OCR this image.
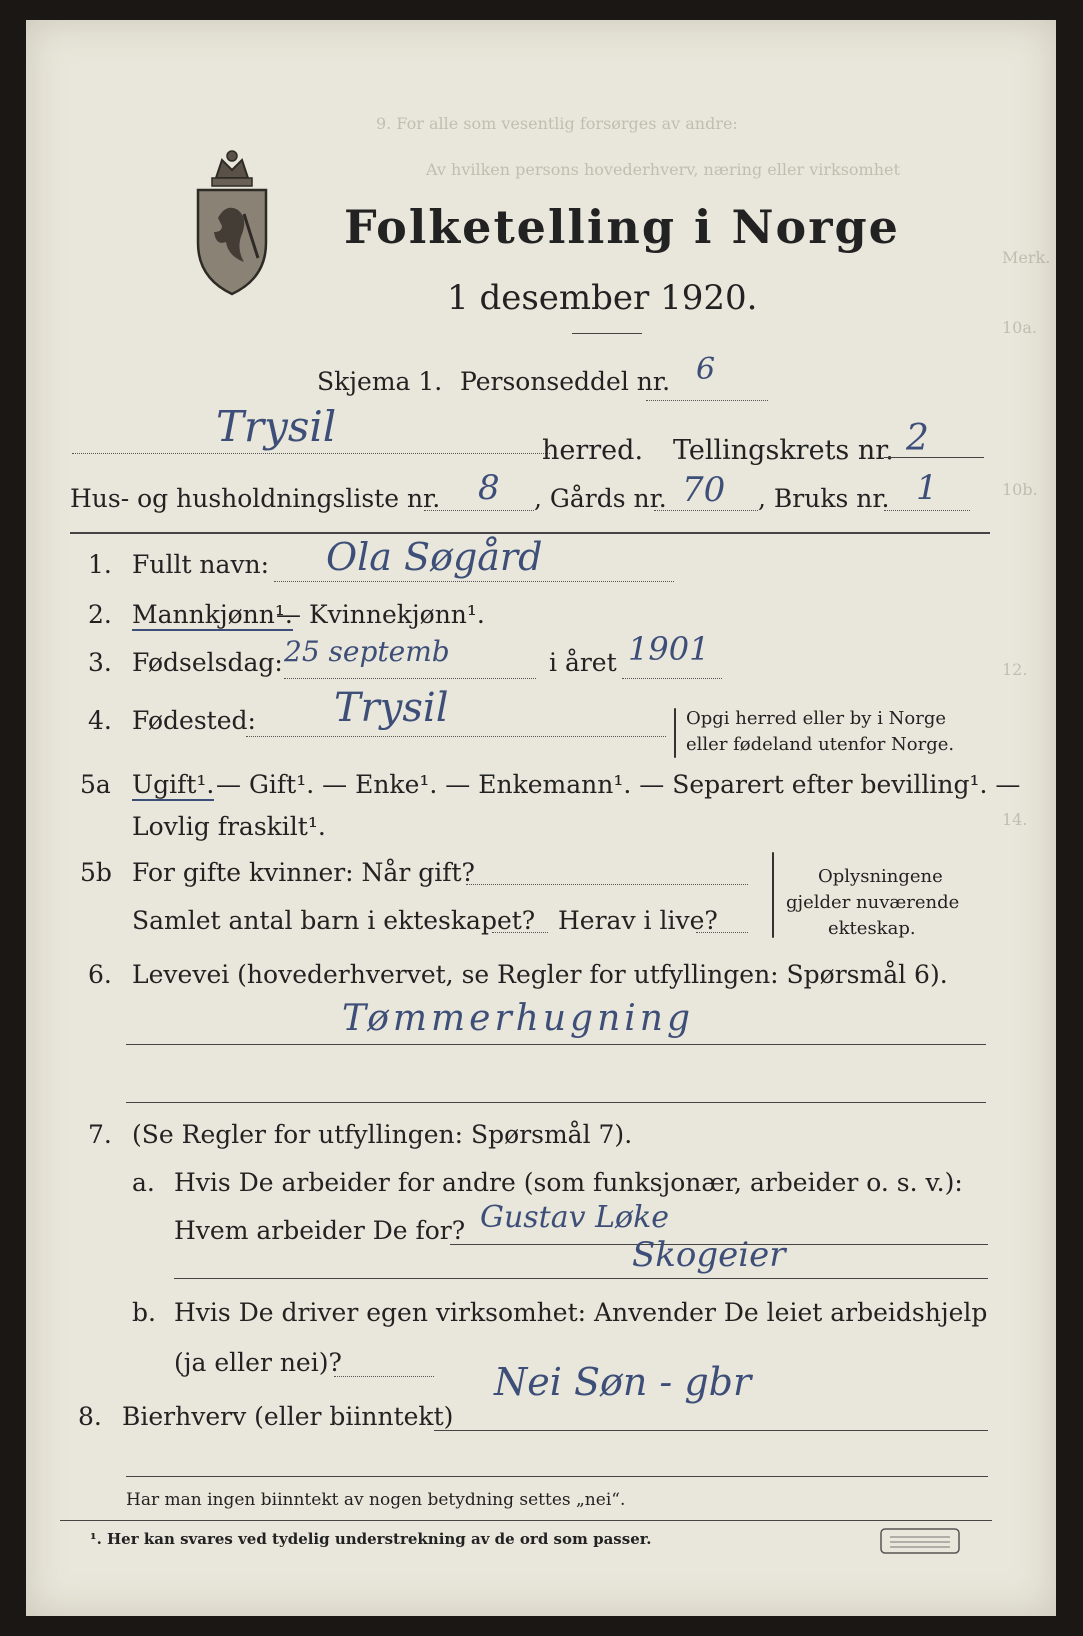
9. For alle som vesentlig forsørges av andre:
Av hvilken persons hovederhverv, næring eller virksomhet
Merk.
10a.
10b.
12.
14.
Folketelling i Norge
1 desember 1920.
Skjema 1. Personseddel nr. 6
Trysil	herred. Tellingskrets nr. 2
Hus- og husholdningsliste nr. 8 , Gårds nr. 70 , Bruks nr. 1
1. Fullt navn: Ola Søgård
2. Mannkjønn¹.
— Kvinnekjønn¹.
3. Fødselsdag: 25 septemb	i året 1901
4. Fødested: Trysil	Opgi herred eller by i Norge
eller fødeland utenfor Norge.
5a Ugift¹. — Gift¹. — Enke¹. — Enkemann¹. — Separert efter bevilling¹. —
Lovlig fraskilt¹.
5b For gifte kvinner: Når gift?
Samlet antal barn i ekteskapet? Herav i live?
Oplysningene
gjelder nuværende
ekteskap.
6. Levevei (hovederhvervet, se Regler for utfyllingen: Spørsmål 6).
Tømmerhugning
7. (Se Regler for utfyllingen: Spørsmål 7).
a. Hvis De arbeider for andre (som funksjonær, arbeider o. s. v.):
Hvem arbeider De for? Gustav Løke
Skogeier
b. Hvis De driver egen virksomhet: Anvender De leiet arbeidshjelp
(ja eller nei)?
8. Bierhverv (eller biinntekt)
Nei Søn - gbr
Har man ingen biinntekt av nogen betydning settes „nei“.
¹. Her kan svares ved tydelig understrekning av de ord som passer.
